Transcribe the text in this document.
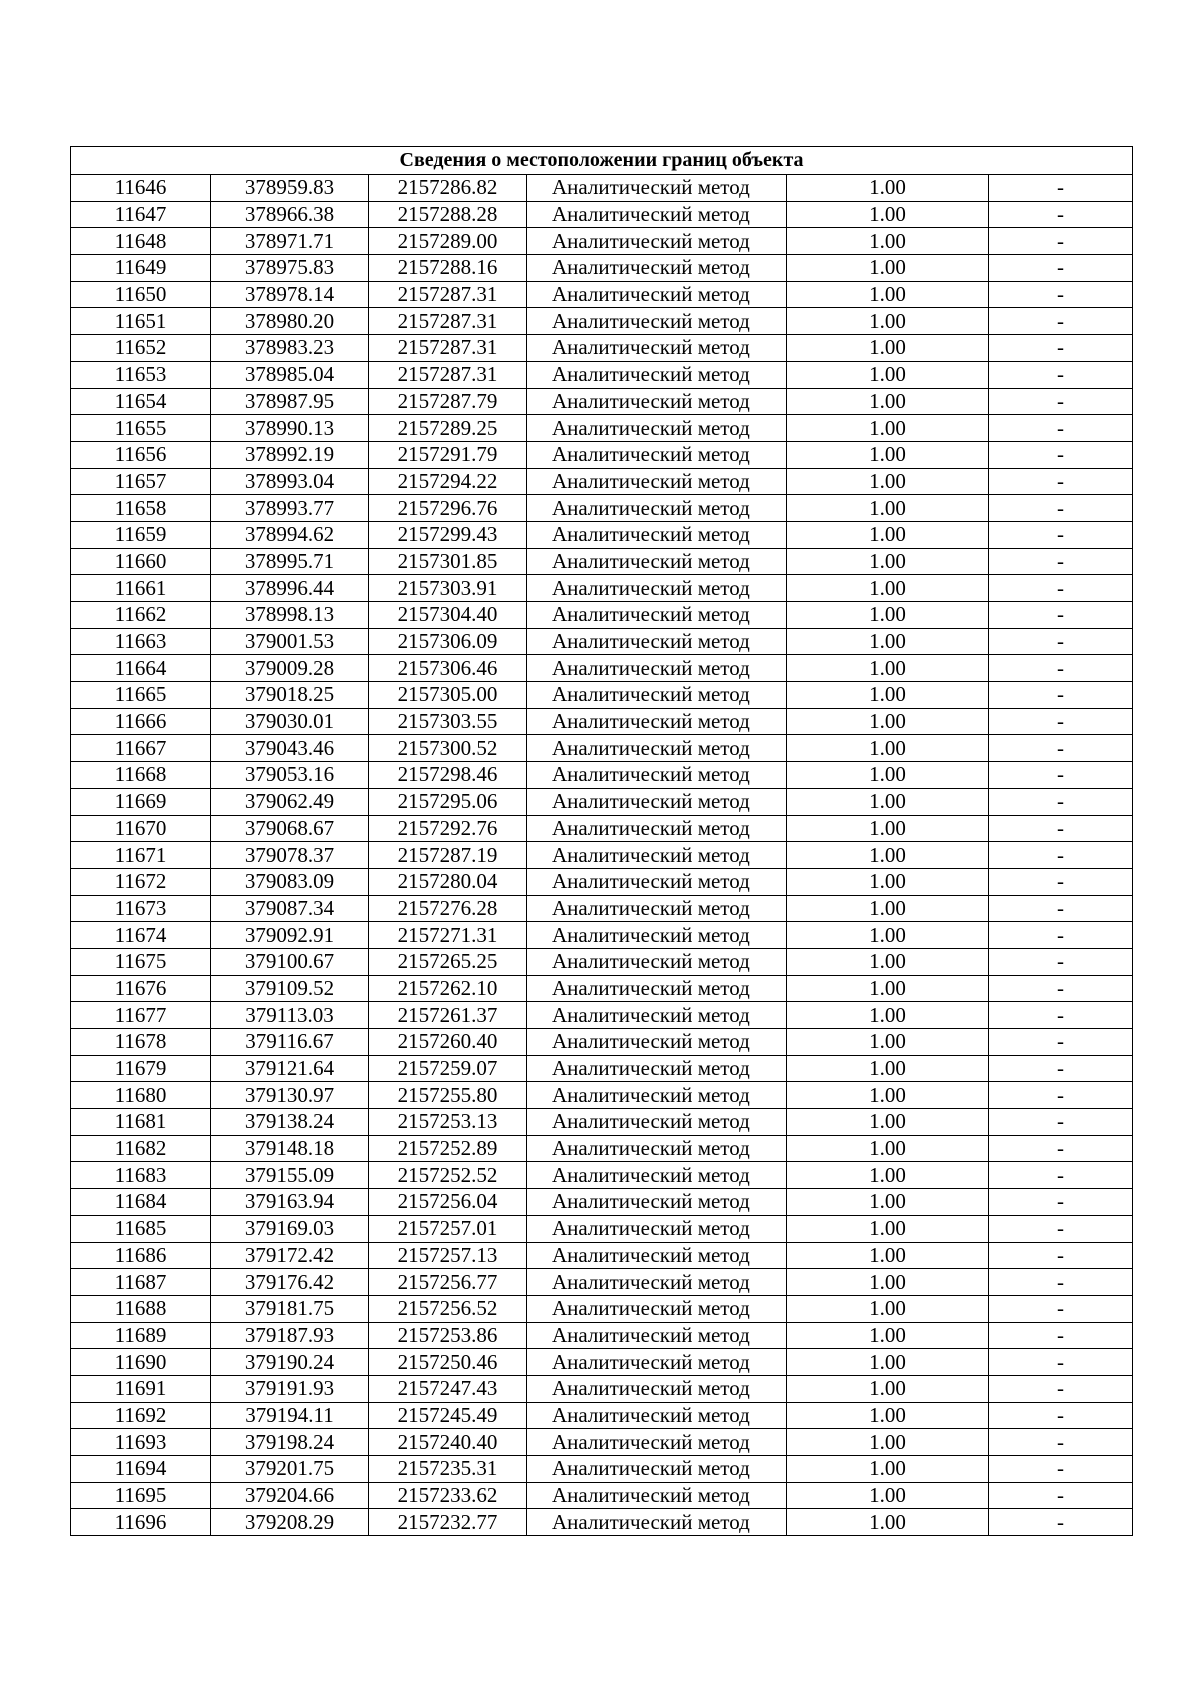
Сведения о местоположении границ объекта					
11646	378959.83	2157286.82	Аналитический метод	1.00	-
11647	378966.38	2157288.28	Аналитический метод	1.00	-
11648	378971.71	2157289.00	Аналитический метод	1.00	-
11649	378975.83	2157288.16	Аналитический метод	1.00	-
11650	378978.14	2157287.31	Аналитический метод	1.00	-
11651	378980.20	2157287.31	Аналитический метод	1.00	-
11652	378983.23	2157287.31	Аналитический метод	1.00	-
11653	378985.04	2157287.31	Аналитический метод	1.00	-
11654	378987.95	2157287.79	Аналитический метод	1.00	-
11655	378990.13	2157289.25	Аналитический метод	1.00	-
11656	378992.19	2157291.79	Аналитический метод	1.00	-
11657	378993.04	2157294.22	Аналитический метод	1.00	-
11658	378993.77	2157296.76	Аналитический метод	1.00	-
11659	378994.62	2157299.43	Аналитический метод	1.00	-
11660	378995.71	2157301.85	Аналитический метод	1.00	-
11661	378996.44	2157303.91	Аналитический метод	1.00	-
11662	378998.13	2157304.40	Аналитический метод	1.00	-
11663	379001.53	2157306.09	Аналитический метод	1.00	-
11664	379009.28	2157306.46	Аналитический метод	1.00	-
11665	379018.25	2157305.00	Аналитический метод	1.00	-
11666	379030.01	2157303.55	Аналитический метод	1.00	-
11667	379043.46	2157300.52	Аналитический метод	1.00	-
11668	379053.16	2157298.46	Аналитический метод	1.00	-
11669	379062.49	2157295.06	Аналитический метод	1.00	-
11670	379068.67	2157292.76	Аналитический метод	1.00	-
11671	379078.37	2157287.19	Аналитический метод	1.00	-
11672	379083.09	2157280.04	Аналитический метод	1.00	-
11673	379087.34	2157276.28	Аналитический метод	1.00	-
11674	379092.91	2157271.31	Аналитический метод	1.00	-
11675	379100.67	2157265.25	Аналитический метод	1.00	-
11676	379109.52	2157262.10	Аналитический метод	1.00	-
11677	379113.03	2157261.37	Аналитический метод	1.00	-
11678	379116.67	2157260.40	Аналитический метод	1.00	-
11679	379121.64	2157259.07	Аналитический метод	1.00	-
11680	379130.97	2157255.80	Аналитический метод	1.00	-
11681	379138.24	2157253.13	Аналитический метод	1.00	-
11682	379148.18	2157252.89	Аналитический метод	1.00	-
11683	379155.09	2157252.52	Аналитический метод	1.00	-
11684	379163.94	2157256.04	Аналитический метод	1.00	-
11685	379169.03	2157257.01	Аналитический метод	1.00	-
11686	379172.42	2157257.13	Аналитический метод	1.00	-
11687	379176.42	2157256.77	Аналитический метод	1.00	-
11688	379181.75	2157256.52	Аналитический метод	1.00	-
11689	379187.93	2157253.86	Аналитический метод	1.00	-
11690	379190.24	2157250.46	Аналитический метод	1.00	-
11691	379191.93	2157247.43	Аналитический метод	1.00	-
11692	379194.11	2157245.49	Аналитический метод	1.00	-
11693	379198.24	2157240.40	Аналитический метод	1.00	-
11694	379201.75	2157235.31	Аналитический метод	1.00	-
11695	379204.66	2157233.62	Аналитический метод	1.00	-
11696	379208.29	2157232.77	Аналитический метод	1.00	-
